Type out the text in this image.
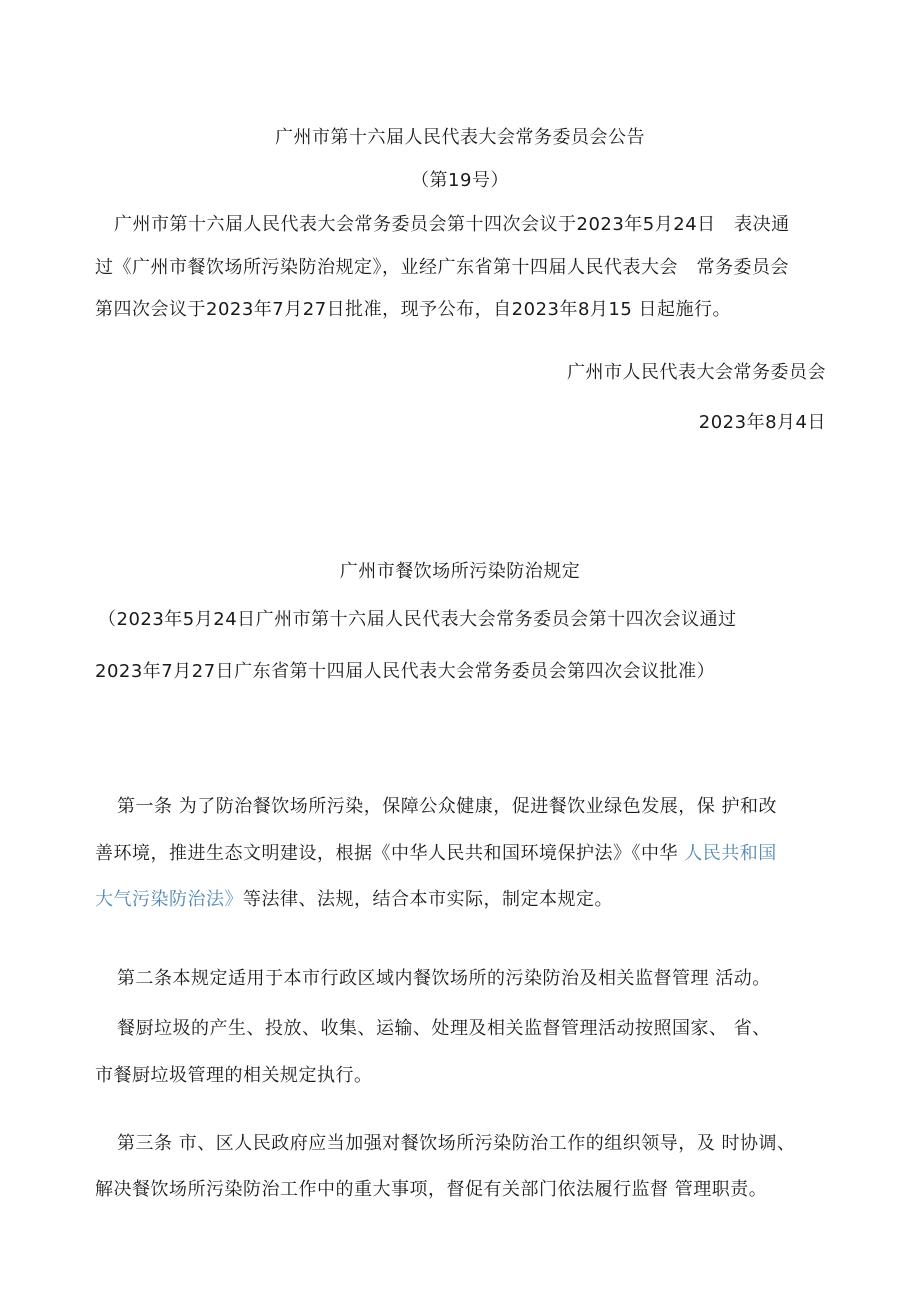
广州市第十六届人民代表大会常务委员会公告
（第19号）
广州市第十六届人民代表大会常务委员会第十四次会议于2023年5月24日　表决通
过《广州市餐饮场所污染防治规定》，业经广东省第十四届人民代表大会　常务委员会
第四次会议于2023年7月27日批准，现予公布，自2023年8月15 日起施行。
广州市人民代表大会常务委员会
2023年8月4日
广州市餐饮场所污染防治规定
（2023年5月24日广州市第十六届人民代表大会常务委员会第十四次会议通过
2023年7月27日广东省第十四届人民代表大会常务委员会第四次会议批准）
第一条 为了防治餐饮场所污染，保障公众健康，促进餐饮业绿色发展，保 护和改
善环境，推进生态文明建设，根据《中华人民共和国环境保护法》《中华 人民共和国
大气污染防治法》等法律、法规，结合本市实际，制定本规定。
第二条本规定适用于本市行政区域内餐饮场所的污染防治及相关监督管理 活动。
餐厨垃圾的产生、投放、收集、运输、处理及相关监督管理活动按照国家、 省、
市餐厨垃圾管理的相关规定执行。
第三条 市、区人民政府应当加强对餐饮场所污染防治工作的组织领导，及 时协调、
解决餐饮场所污染防治工作中的重大事项，督促有关部门依法履行监督 管理职责。
